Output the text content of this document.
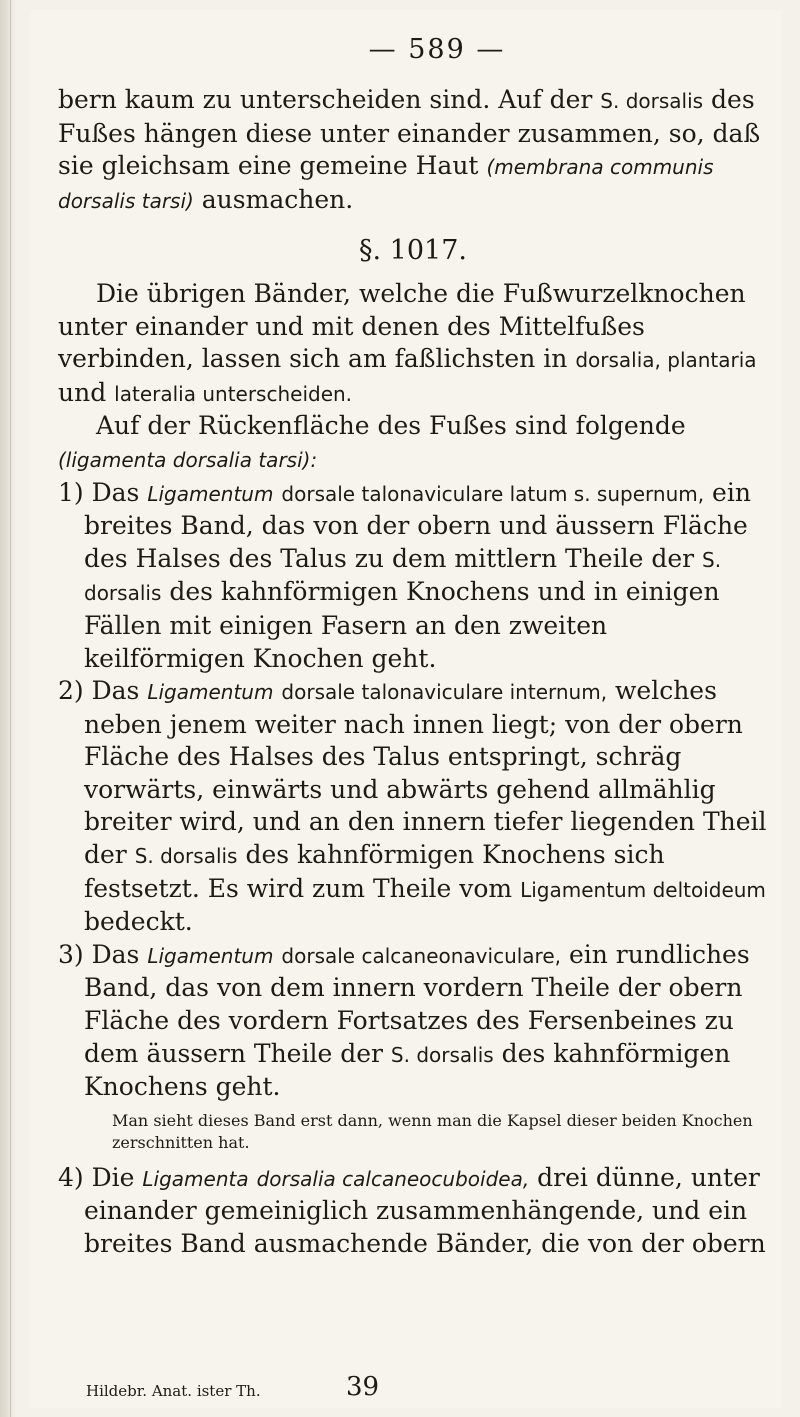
— 589 —

bern kaum zu unterscheiden sind. Auf der S. dorsalis des Fußes hängen diese unter einander zusammen, so, daß sie gleichsam eine gemeine Haut (membrana communis dorsalis tarsi) ausmachen.

§. 1017.

Die übrigen Bänder, welche die Fußwurzelknochen unter einander und mit denen des Mittelfußes verbinden, lassen sich am faßlichsten in dorsalia, plantaria und lateralia unterscheiden.

Auf der Rückenfläche des Fußes sind folgende (ligamenta dorsalia tarsi):

1) Das Ligamentum dorsale talonaviculare latum s. supernum, ein breites Band, das von der obern und äussern Fläche des Halses des Talus zu dem mittlern Theile der S. dorsalis des kahnförmigen Knochens und in einigen Fällen mit einigen Fasern an den zweiten keilförmigen Knochen geht.

2) Das Ligamentum dorsale talonaviculare internum, welches neben jenem weiter nach innen liegt; von der obern Fläche des Halses des Talus entspringt, schräg vorwärts, einwärts und abwärts gehend allmählig breiter wird, und an den innern tiefer liegenden Theil der S. dorsalis des kahnförmigen Knochens sich festsetzt. Es wird zum Theile vom Ligamentum deltoideum bedeckt.

3) Das Ligamentum dorsale calcaneonaviculare, ein rundliches Band, das von dem innern vordern Theile der obern Fläche des vordern Fortsatzes des Fersenbeines zu dem äussern Theile der S. dorsalis des kahnförmigen Knochens geht.

Man sieht dieses Band erst dann, wenn man die Kapsel dieser beiden Knochen zerschnitten hat.

4) Die Ligamenta dorsalia calcaneocuboidea, drei dünne, unter einander gemeiniglich zusammenhängende, und ein breites Band ausmachende Bänder, die von der obern

Hildebr. Anat. ister Th.	39
